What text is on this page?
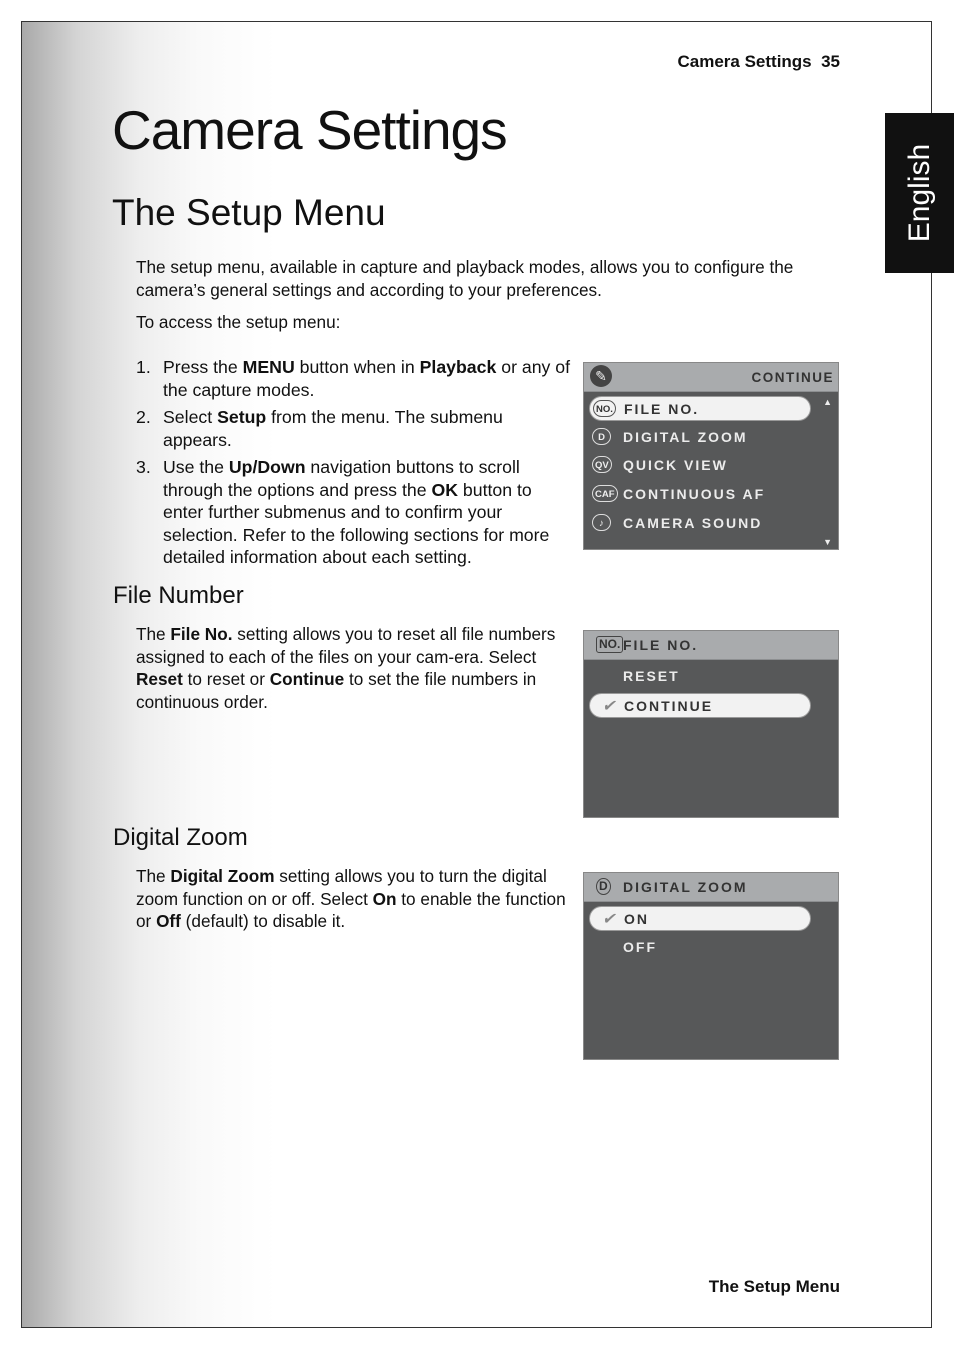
English
Camera Settings  35
Camera Settings
The Setup Menu

The setup menu, available in capture and playback modes, allows you to configure the camera’s general settings and according to your preferences.

To access the setup menu:

1. Press the MENU button when in Playback or any of the capture modes.
2. Select Setup from the menu. The submenu appears.
3. Use the Up/Down navigation buttons to scroll through the options and press the OK button to enter further submenus and to confirm your selection. Refer to the following sections for more detailed information about each setting.
✎	CONTINUE
▲
NO. FILE NO.
D	DIGITAL ZOOM
QV QUICK VIEW
CAF CONTINUOUS AF
♪	CAMERA SOUND
▼
File Number

The File No. setting allows you to reset all file numbers assigned to each of the files on your cam-era. Select Reset to reset or Continue to set the file numbers in continuous order.

NO. FILE NO.
RESET
✔ CONTINUE
Digital Zoom

The Digital Zoom setting allows you to turn the digital zoom function on or off. Select On to enable the function or Off (default) to disable it.

D DIGITAL ZOOM
✔ ON
OFF
The Setup Menu
